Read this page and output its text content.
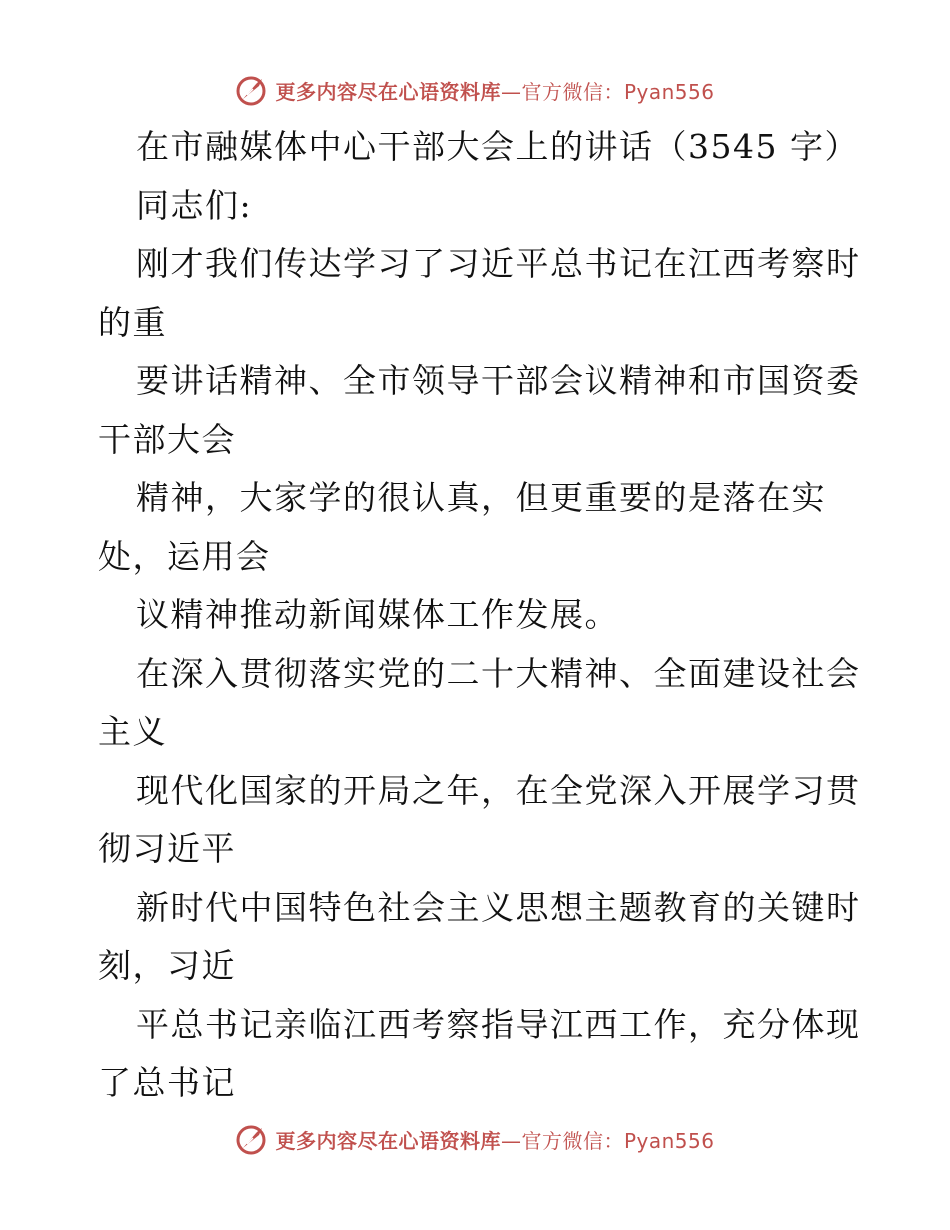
更多内容尽在心语资料库—官方微信：Pyan556
在市融媒体中心干部大会上的讲话（3545 字）
同志们:
刚才我们传达学习了习近平总书记在江西考察时
的重
要讲话精神、全市领导干部会议精神和市国资委
干部大会
精神，大家学的很认真，但更重要的是落在实
处，运用会
议精神推动新闻媒体工作发展。
在深入贯彻落实党的二十大精神、全面建设社会
主义
现代化国家的开局之年，在全党深入开展学习贯
彻习近平
新时代中国特色社会主义思想主题教育的关键时
刻，习近
平总书记亲临江西考察指导江西工作，充分体现
了总书记
更多内容尽在心语资料库—官方微信：Pyan556
